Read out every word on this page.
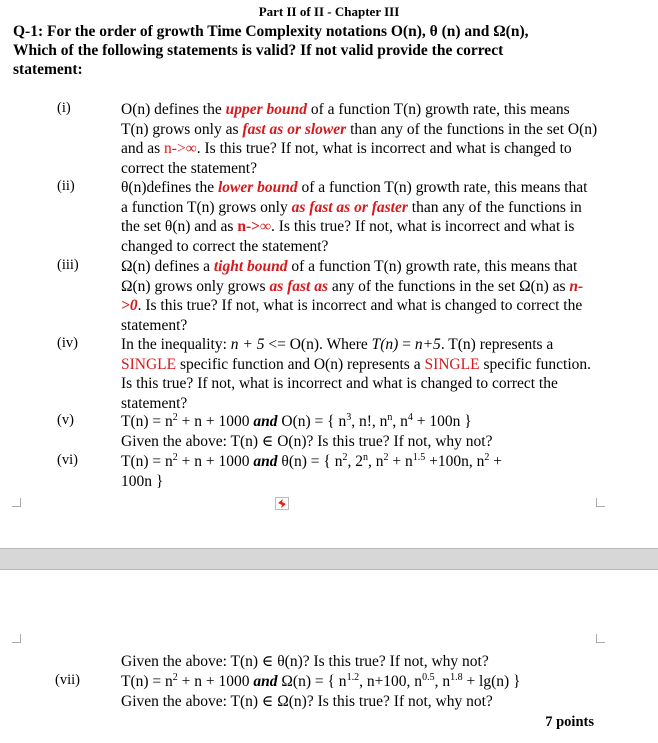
Part II of II - Chapter III
Q-1: For the order of growth Time Complexity notations O(n), θ (n) and Ω(n),
Which of the following statements is valid? If not valid provide the correct
statement:
(i)	O(n) defines the upper bound of a function T(n) growth rate, this means T(n) grows only as fast as or slower than any of the functions in the set O(n) and as n->∞. Is this true? If not, what is incorrect and what is changed to correct the statement?
(ii)	θ(n)defines the lower bound of a function T(n) growth rate, this means that a function T(n) grows only as fast as or faster than any of the functions in the set θ(n) and as n->∞. Is this true? If not, what is incorrect and what is changed to correct the statement?
(iii)	Ω(n) defines a tight bound of a function T(n) growth rate, this means that Ω(n) grows only grows as fast as any of the functions in the set Ω(n) as n->0. Is this true? If not, what is incorrect and what is changed to correct the statement?
(iv)	In the inequality: n + 5 <= O(n). Where T(n) = n+5. T(n) represents a SINGLE specific function and O(n) represents a SINGLE specific function. Is this true? If not, what is incorrect and what is changed to correct the statement?
(v)	$T(n) = n^2 + n + 1000$ and O(n) = { $n^3$, n!, $n^n$, $n^4 + 100n$ }
Given the above: T(n) ∈ O(n)? Is this true? If not, why not?
(vi)	$T(n) = n^2 + n + 1000$ and θ(n) = { $n^2$, 2$^n$, $n^2 + n^{1.5} +100n$, $n^2$ +
100n }
Given the above: T(n) ∈ θ(n)? Is this true? If not, why not?
(vii)	$T(n) = n^2 + n + 1000$ and Ω(n) = { $n^{1.2}$, n+100, $n^{0.5}$, $n^{1.8} + \lg(n)$ }
Given the above: T(n) ∈ Ω(n)? Is this true? If not, why not?
7 points
